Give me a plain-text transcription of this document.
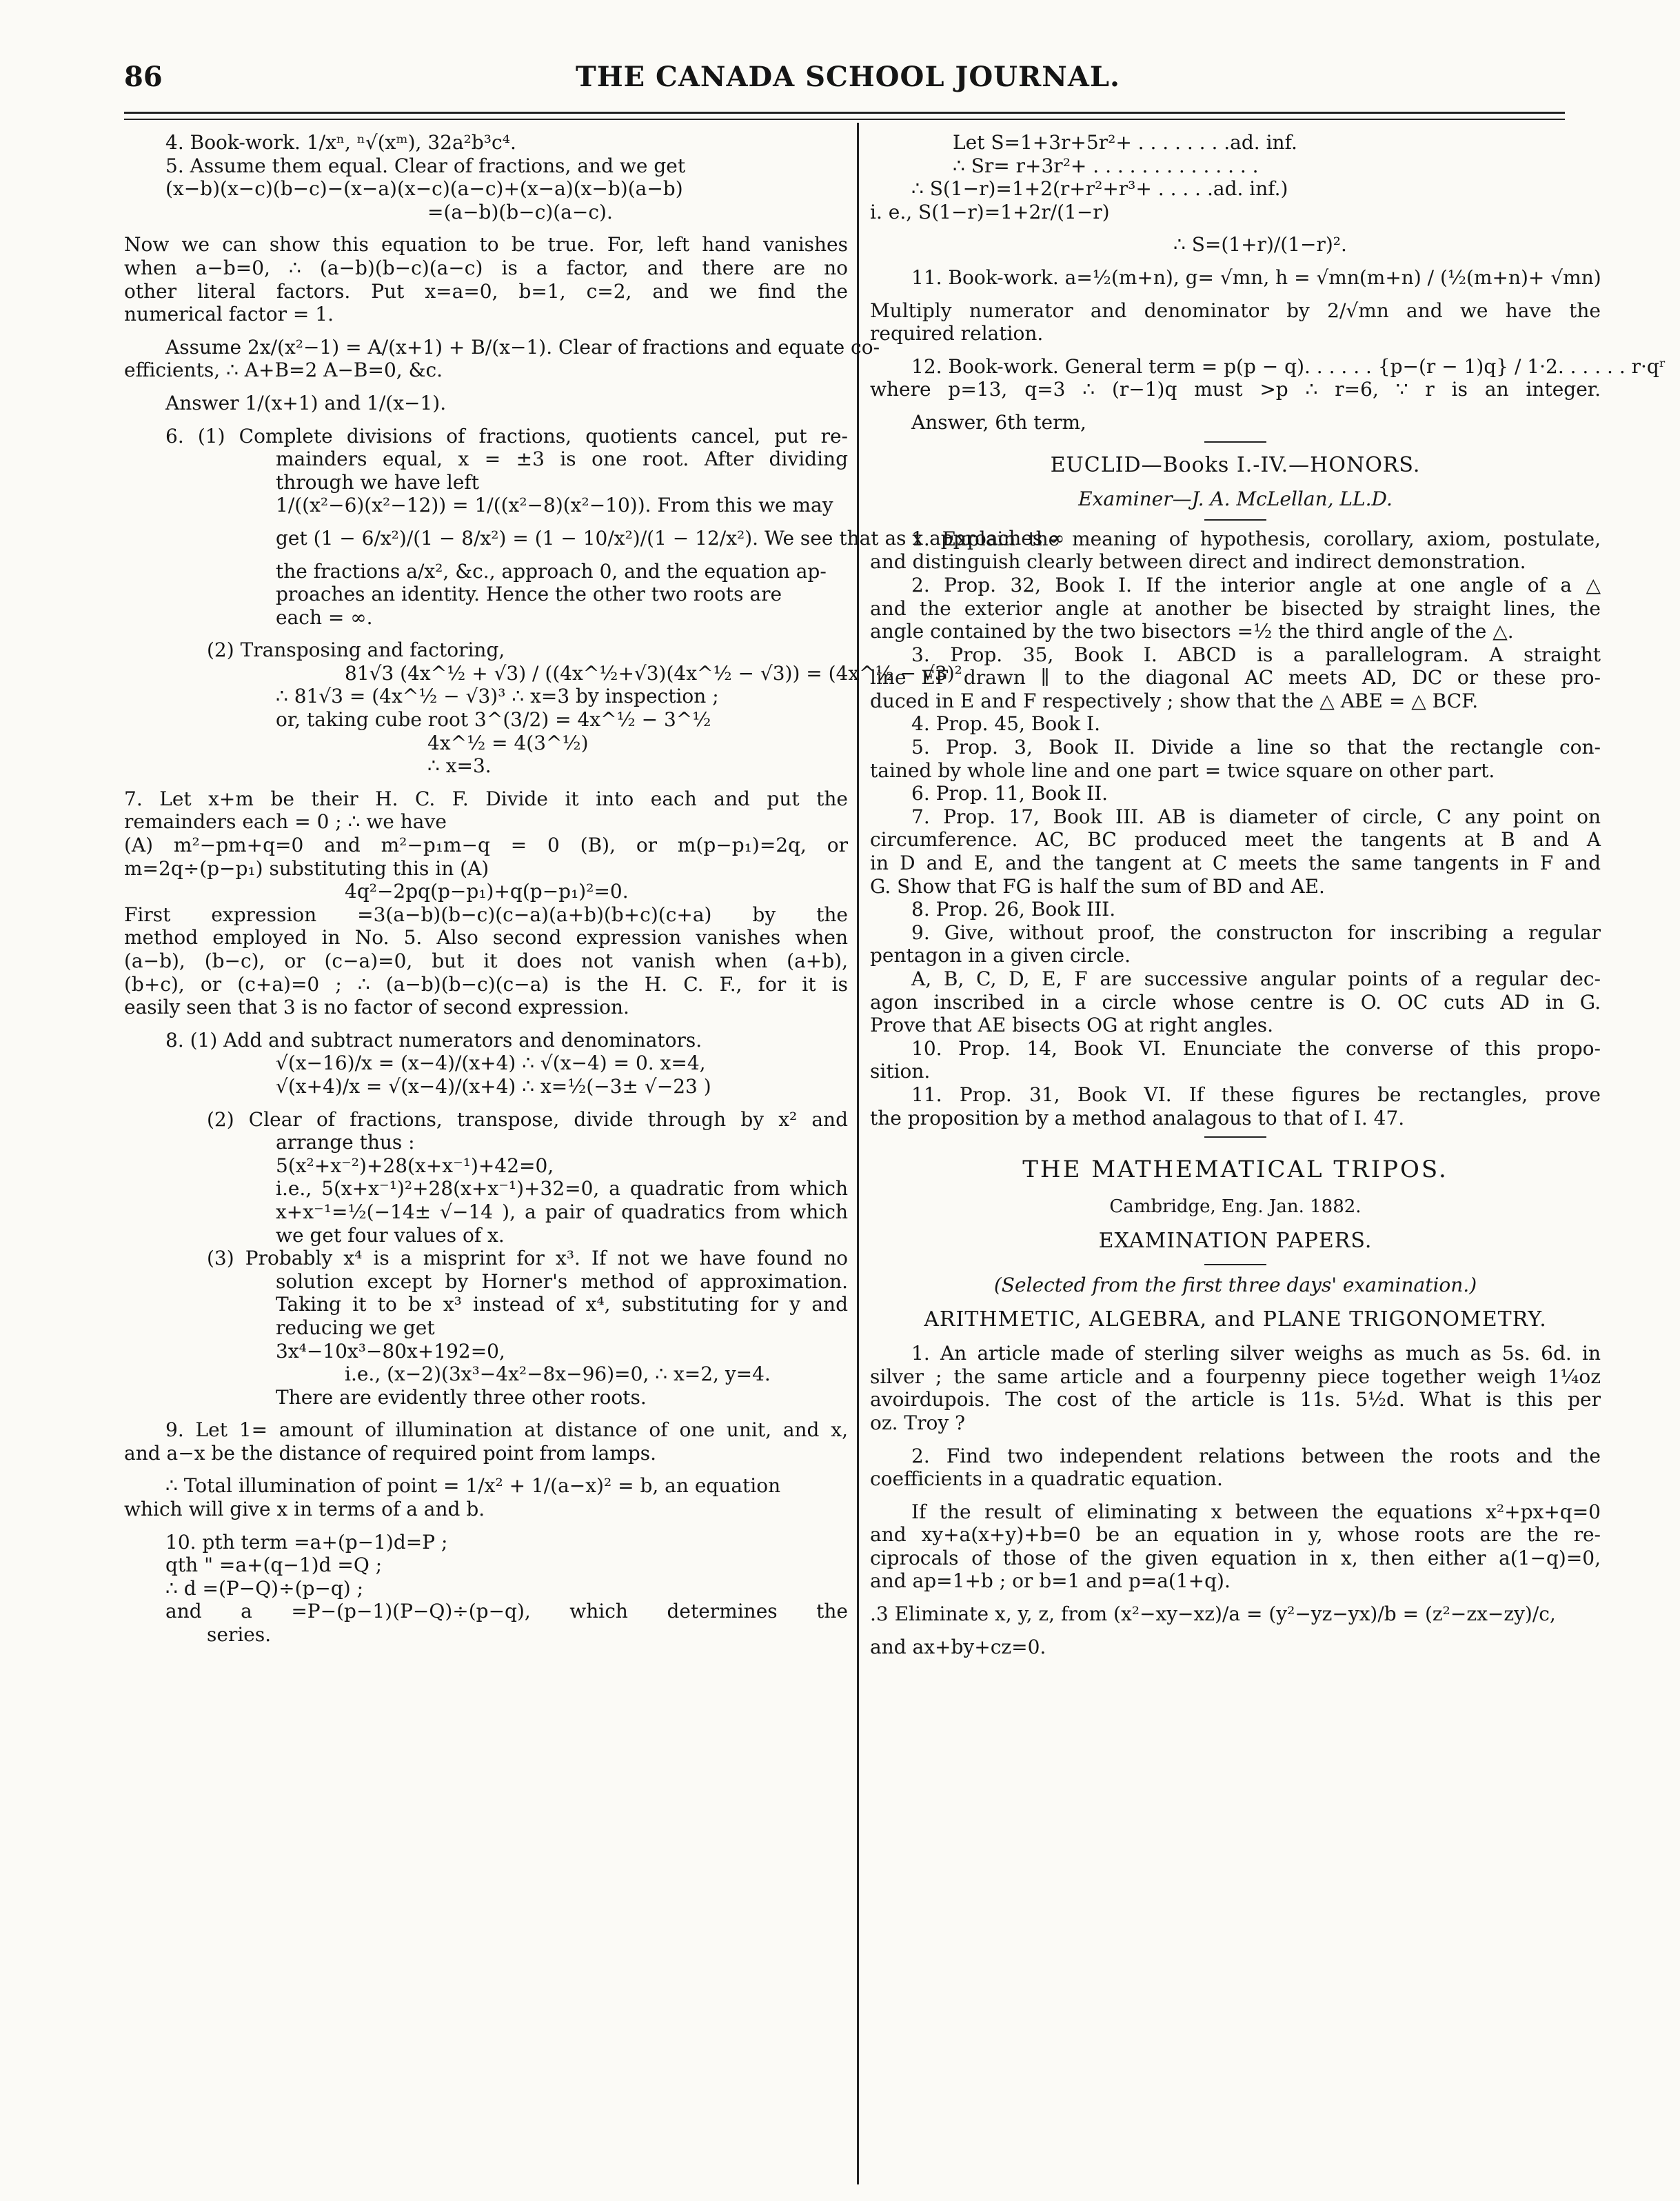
86	THE CANADA SCHOOL JOURNAL.
4. Book-work. 1/xⁿ, ⁿ√(xᵐ), 32a²b³c⁴.
5. Assume them equal. Clear of fractions, and we get
(x−b)(x−c)(b−c)−(x−a)(x−c)(a−c)+(x−a)(x−b)(a−b)
=(a−b)(b−c)(a−c).
Now we can show this equation to be true. For, left hand vanishes
when a−b=0, ∴ (a−b)(b−c)(a−c) is a factor, and there are no
other literal factors. Put x=a=0, b=1, c=2, and we find the
numerical factor = 1.
Assume 2x/(x²−1) = A/(x+1) + B/(x−1). Clear of fractions and equate co-
efficients, ∴ A+B=2 A−B=0, &c.
Answer 1/(x+1) and 1/(x−1).
6. (1) Complete divisions of fractions, quotients cancel, put re-
mainders equal, x = ±3 is one root. After dividing
through we have left
1/((x²−6)(x²−12)) = 1/((x²−8)(x²−10)). From this we may
get (1 − 6/x²)/(1 − 8/x²) = (1 − 10/x²)/(1 − 12/x²). We see that as x approaches ∞
the fractions a/x², &c., approach 0, and the equation ap-
proaches an identity. Hence the other two roots are
each = ∞.
(2) Transposing and factoring,
81√3 (4x^½ + √3) / ((4x^½+√3)(4x^½ − √3)) = (4x^½ − √3)²
∴ 81√3 = (4x^½ − √3)³ ∴ x=3 by inspection ;
or, taking cube root 3^(3/2) = 4x^½ − 3^½
4x^½ = 4(3^½)
∴ x=3.
7. Let x+m be their H. C. F. Divide it into each and put the
remainders each = 0 ; ∴ we have
(A) m²−pm+q=0 and m²−p₁m−q = 0 (B), or m(p−p₁)=2q, or
m=2q÷(p−p₁) substituting this in (A)
4q²−2pq(p−p₁)+q(p−p₁)²=0.
First expression =3(a−b)(b−c)(c−a)(a+b)(b+c)(c+a) by the
method employed in No. 5. Also second expression vanishes when
(a−b), (b−c), or (c−a)=0, but it does not vanish when (a+b),
(b+c), or (c+a)=0 ; ∴ (a−b)(b−c)(c−a) is the H. C. F., for it is
easily seen that 3 is no factor of second expression.
8. (1) Add and subtract numerators and denominators.
√(x−16)/x = (x−4)/(x+4) ∴ √(x−4) = 0. x=4,
√(x+4)/x = √(x−4)/(x+4) ∴ x=½(−3± √−23 )
(2) Clear of fractions, transpose, divide through by x² and
arrange thus :
5(x²+x⁻²)+28(x+x⁻¹)+42=0,
i.e., 5(x+x⁻¹)²+28(x+x⁻¹)+32=0, a quadratic from which
x+x⁻¹=½(−14± √−14 ), a pair of quadratics from which
we get four values of x.
(3) Probably x⁴ is a misprint for x³. If not we have found no
solution except by Horner's method of approximation.
Taking it to be x³ instead of x⁴, substituting for y and
reducing we get
3x⁴−10x³−80x+192=0,
i.e., (x−2)(3x³−4x²−8x−96)=0, ∴ x=2, y=4.
There are evidently three other roots.
9. Let 1= amount of illumination at distance of one unit, and x,
and a−x be the distance of required point from lamps.
∴ Total illumination of point = 1/x² + 1/(a−x)² = b, an equation
which will give x in terms of a and b.
10. pth term =a+(p−1)d=P ;
qth " =a+(q−1)d =Q ;
∴ d =(P−Q)÷(p−q) ;
and a =P−(p−1)(P−Q)÷(p−q), which determines the
series.
Let S=1+3r+5r²+ . . . . . . . .ad. inf.
∴ Sr= r+3r²+ . . . . . . . . . . . . . .
∴ S(1−r)=1+2(r+r²+r³+ . . . . .ad. inf.)
i. e., S(1−r)=1+2r/(1−r)
∴ S=(1+r)/(1−r)².
11. Book-work. a=½(m+n), g= √mn, h = √mn(m+n) / (½(m+n)+ √mn)
Multiply numerator and denominator by 2/√mn and we have the
required relation.
12. Book-work. General term = p(p − q). . . . . . {p−(r − 1)q} / 1·2. . . . . . r·qʳ
where p=13, q=3 ∴ (r−1)q must >p ∴ r=6, ∵ r is an integer.
Answer, 6th term,
EUCLID—Books I.-IV.—HONORS.
Examiner—J. A. McLellan, LL.D.
1. Explain the meaning of hypothesis, corollary, axiom, postulate,
and distinguish clearly between direct and indirect demonstration.
2. Prop. 32, Book I. If the interior angle at one angle of a △
and the exterior angle at another be bisected by straight lines, the
angle contained by the two bisectors =½ the third angle of the △.
3. Prop. 35, Book I. ABCD is a parallelogram. A straight
line EF drawn ∥ to the diagonal AC meets AD, DC or these pro-
duced in E and F respectively ; show that the △ ABE = △ BCF.
4. Prop. 45, Book I.
5. Prop. 3, Book II. Divide a line so that the rectangle con-
tained by whole line and one part = twice square on other part.
6. Prop. 11, Book II.
7. Prop. 17, Book III. AB is diameter of circle, C any point on
circumference. AC, BC produced meet the tangents at B and A
in D and E, and the tangent at C meets the same tangents in F and
G. Show that FG is half the sum of BD and AE.
8. Prop. 26, Book III.
9. Give, without proof, the constructon for inscribing a regular
pentagon in a given circle.
A, B, C, D, E, F are successive angular points of a regular dec-
agon inscribed in a circle whose centre is O. OC cuts AD in G.
Prove that AE bisects OG at right angles.
10. Prop. 14, Book VI. Enunciate the converse of this propo-
sition.
11. Prop. 31, Book VI. If these figures be rectangles, prove
the proposition by a method analagous to that of I. 47.
THE MATHEMATICAL TRIPOS.
Cambridge, Eng. Jan. 1882.
EXAMINATION PAPERS.
(Selected from the first three days' examination.)
ARITHMETIC, ALGEBRA, and PLANE TRIGONOMETRY.
1. An article made of sterling silver weighs as much as 5s. 6d. in
silver ; the same article and a fourpenny piece together weigh 1¼oz
avoirdupois. The cost of the article is 11s. 5½d. What is this per
oz. Troy ?
2. Find two independent relations between the roots and the
coefficients in a quadratic equation.
If the result of eliminating x between the equations x²+px+q=0
and xy+a(x+y)+b=0 be an equation in y, whose roots are the re-
ciprocals of those of the given equation in x, then either a(1−q)=0,
and ap=1+b ; or b=1 and p=a(1+q).
.3 Eliminate x, y, z, from (x²−xy−xz)/a = (y²−yz−yx)/b = (z²−zx−zy)/c,
and ax+by+cz=0.
